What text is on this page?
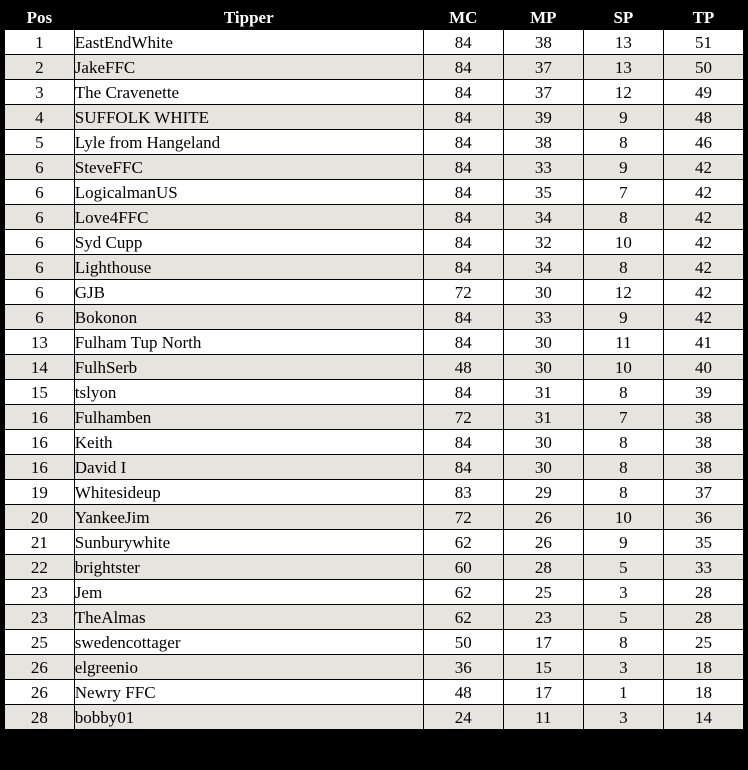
Pos	Tipper	MC	MP	SP	TP
1	EastEndWhite	84	38	13	51
2	JakeFFC	84	37	13	50
3	The Cravenette	84	37	12	49
4	SUFFOLK WHITE	84	39	9	48
5	Lyle from Hangeland	84	38	8	46
6	SteveFFC	84	33	9	42
6	LogicalmanUS	84	35	7	42
6	Love4FFC	84	34	8	42
6	Syd Cupp	84	32	10	42
6	Lighthouse	84	34	8	42
6	GJB	72	30	12	42
6	Bokonon	84	33	9	42
13	Fulham Tup North	84	30	11	41
14	FulhSerb	48	30	10	40
15	tslyon	84	31	8	39
16	Fulhamben	72	31	7	38
16	Keith	84	30	8	38
16	David I	84	30	8	38
19	Whitesideup	83	29	8	37
20	YankeeJim	72	26	10	36
21	Sunburywhite	62	26	9	35
22	brightster	60	28	5	33
23	Jem	62	25	3	28
23	TheAlmas	62	23	5	28
25	swedencottager	50	17	8	25
26	elgreenio	36	15	3	18
26	Newry FFC	48	17	1	18
28	bobby01	24	11	3	14
